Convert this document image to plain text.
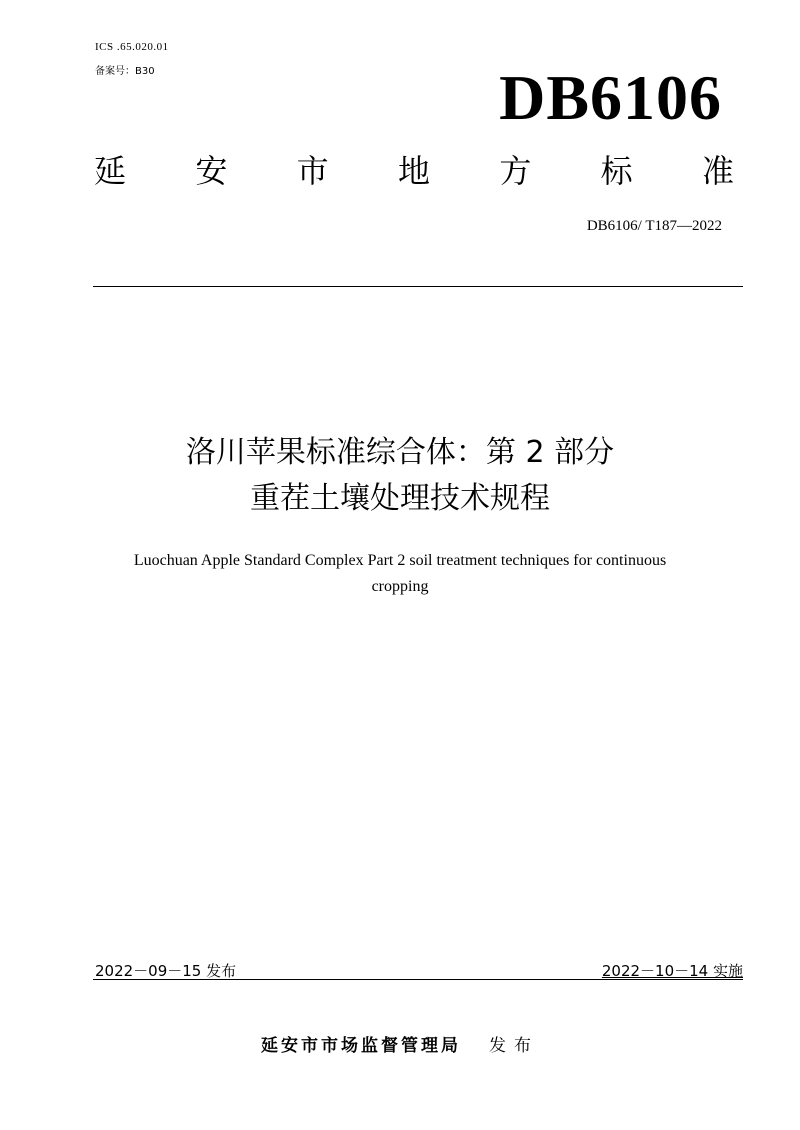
ICS .65.020.01
备案号：B30	DB6106
延 安 市 地 方 标 准
DB6106/ T187—2022
洛川苹果标准综合体：第 2 部分
重茬土壤处理技术规程
Luochuan Apple Standard Complex Part 2 soil treatment techniques for continuous
cropping
2022－09－15 发布	2022－10－14 实施
延安市市场监督管理局 发布
